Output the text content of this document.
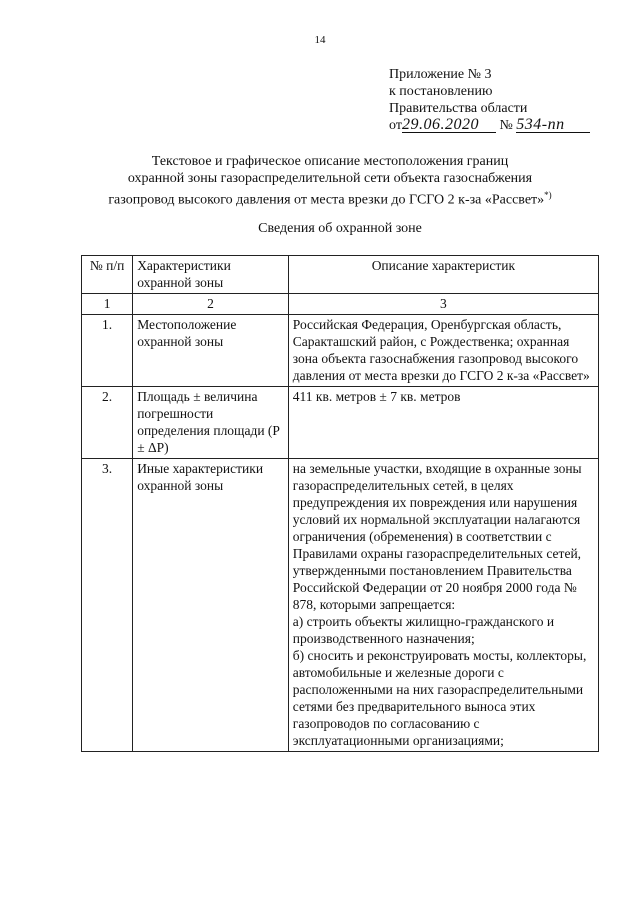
14
Приложение № 3
к постановлению
Правительства области
от29.06.2020 № 534-пп
Текстовое и графическое описание местоположения границ
охранной зоны газораспределительной сети объекта газоснабжения
газопровод высокого давления от места врезки до ГСГО 2 к-за «Рассвет»*)
Сведения об охранной зоне
№ п/п	Характеристики охранной зоны	Описание характеристик
1	2	3
1.	Местоположение охранной зоны	Российская Федерация, Оренбургская область, Саракташский район, с Рождественка; охранная зона объекта газоснабжения газопровод высокого давления от места врезки до ГСГО 2 к-за «Рассвет»
2.	Площадь ± величина погрешности определения площади (Р ± ΔР)	411 кв. метров ± 7 кв. метров
3.	Иные характеристики охранной зоны	на земельные участки, входящие в охранные зоны газораспределительных сетей, в целях предупреждения их повреждения или нарушения условий их нормальной эксплуатации налагаются ограничения (обременения) в соответствии с Правилами охраны газораспределительных сетей, утвержденными постановлением Правительства Российской Федерации от 20 ноября 2000 года № 878, которыми запрещается:
а) строить объекты жилищно-гражданского и производственного назначения;
б) сносить и реконструировать мосты, коллекторы, автомобильные и железные дороги с расположенными на них газораспределительными сетями без предварительного выноса этих газопроводов по согласованию с эксплуатационными организациями;
